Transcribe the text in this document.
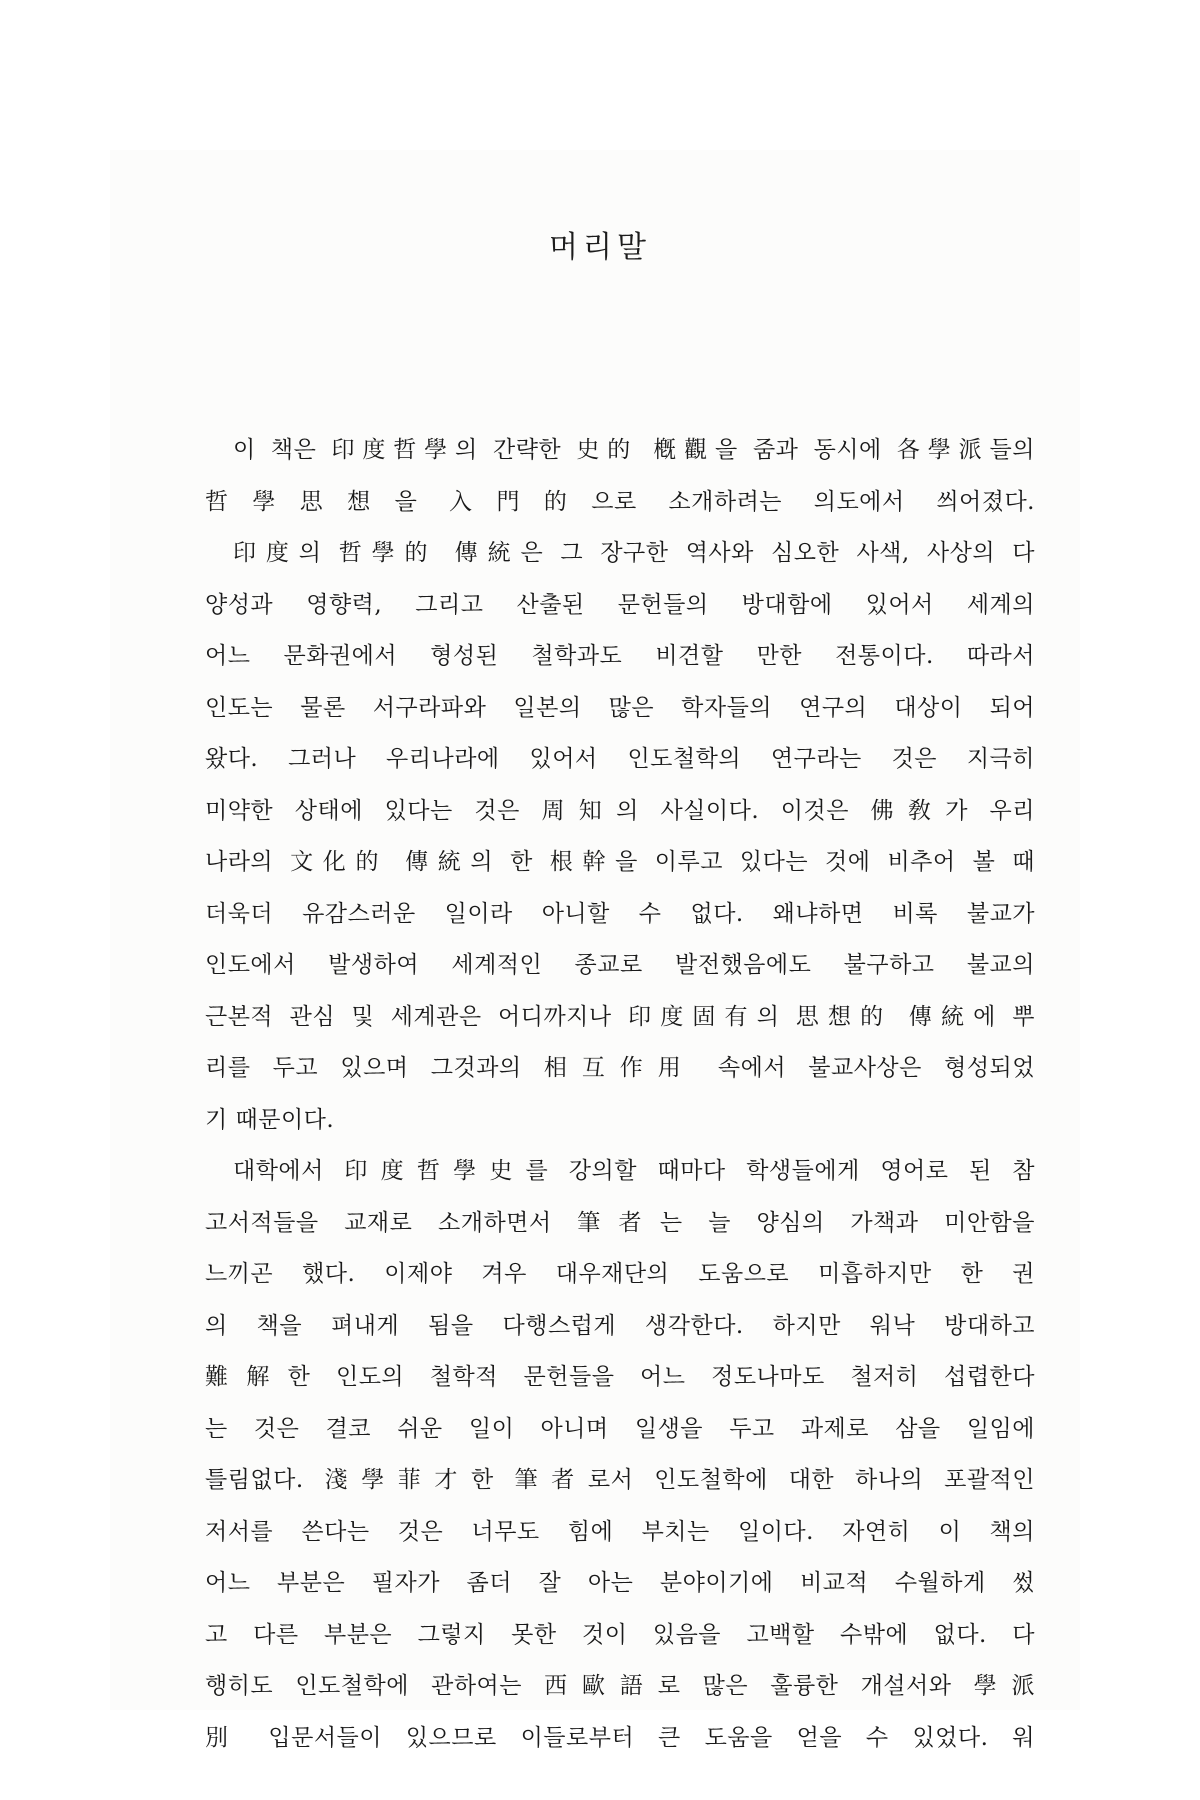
머리말
이 책은 印度哲學의 간략한 史的 槪觀을 줌과 동시에 各學派들의
哲學思想을 入門的으로 소개하려는 의도에서 씌어졌다.
印度의 哲學的 傳統은 그 장구한 역사와 심오한 사색, 사상의 다
양성과 영향력, 그리고 산출된 문헌들의 방대함에 있어서 세계의
어느 문화권에서 형성된 철학과도 비견할 만한 전통이다. 따라서
인도는 물론 서구라파와 일본의 많은 학자들의 연구의 대상이 되어
왔다. 그러나 우리나라에 있어서 인도철학의 연구라는 것은 지극히
미약한 상태에 있다는 것은 周知의 사실이다. 이것은 佛敎가 우리
나라의 文化的 傳統의 한 根幹을 이루고 있다는 것에 비추어 볼 때
더욱더 유감스러운 일이라 아니할 수 없다. 왜냐하면 비록 불교가
인도에서 발생하여 세계적인 종교로 발전했음에도 불구하고 불교의
근본적 관심 및 세계관은 어디까지나 印度固有의 思想的 傳統에 뿌
리를 두고 있으며 그것과의 相互作用 속에서 불교사상은 형성되었
기 때문이다.
대학에서 印度哲學史를 강의할 때마다 학생들에게 영어로 된 참
고서적들을 교재로 소개하면서 筆者는 늘 양심의 가책과 미안함을
느끼곤 했다. 이제야 겨우 대우재단의 도움으로 미흡하지만 한 권
의 책을 펴내게 됨을 다행스럽게 생각한다. 하지만 워낙 방대하고
難解한 인도의 철학적 문헌들을 어느 정도나마도 철저히 섭렵한다
는 것은 결코 쉬운 일이 아니며 일생을 두고 과제로 삼을 일임에
틀림없다. 淺學菲才한 筆者로서 인도철학에 대한 하나의 포괄적인
저서를 쓴다는 것은 너무도 힘에 부치는 일이다. 자연히 이 책의
어느 부분은 필자가 좀더 잘 아는 분야이기에 비교적 수월하게 썼
고 다른 부분은 그렇지 못한 것이 있음을 고백할 수밖에 없다. 다
행히도 인도철학에 관하여는 西歐語로 많은 훌륭한 개설서와 學派
別 입문서들이 있으므로 이들로부터 큰 도움을 얻을 수 있었다. 워
